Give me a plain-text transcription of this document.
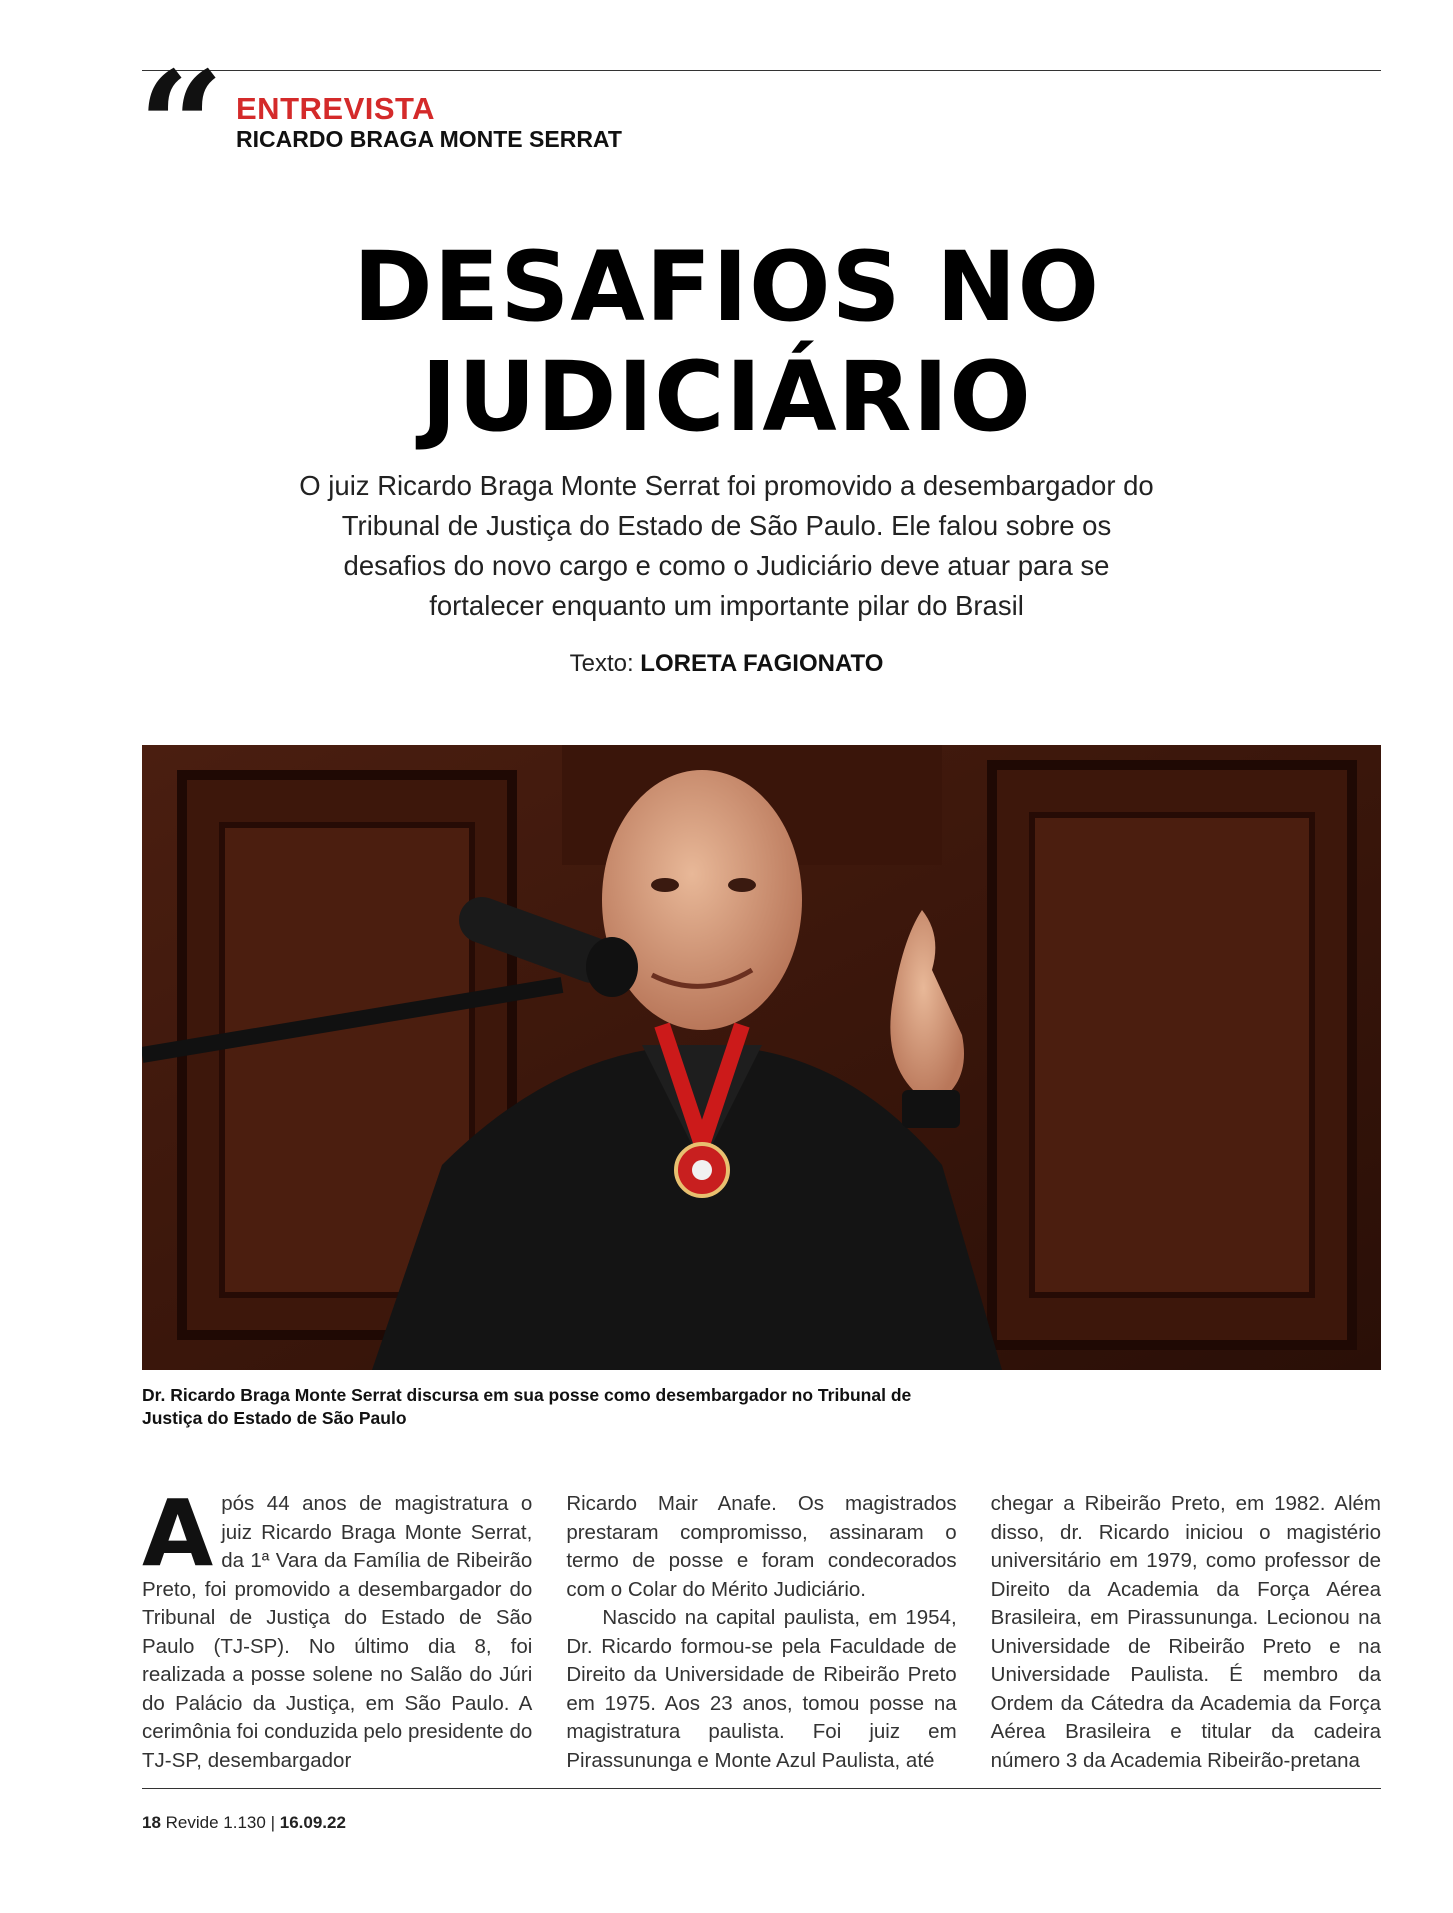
“ ENTREVISTA
RICARDO BRAGA MONTE SERRAT
DESAFIOS NO
JUDICIÁRIO
O juiz Ricardo Braga Monte Serrat foi promovido a desembargador do Tribunal de Justiça do Estado de São Paulo. Ele falou sobre os desafios do novo cargo e como o Judiciário deve atuar para se fortalecer enquanto um importante pilar do Brasil
Texto: LORETA FAGIONATO
Dr. Ricardo Braga Monte Serrat discursa em sua posse como desembargador no Tribunal de Justiça do Estado de São Paulo
A pós 44 anos de magistratura o juiz Ricardo Braga Monte Serrat, da 1ª Vara da Família de Ribeirão Preto, foi promovido a desembargador do Tribunal de Justiça do Estado de São Paulo (TJ-SP). No último dia 8, foi realizada a posse solene no Salão do Júri do Palácio da Justiça, em São Paulo. A cerimônia foi conduzida pelo presidente do TJ-SP, desembargador

Ricardo Mair Anafe. Os magistrados prestaram compromisso, assinaram o termo de posse e foram condecorados com o Colar do Mérito Judiciário.

Nascido na capital paulista, em 1954, Dr. Ricardo formou-se pela Faculdade de Direito da Universidade de Ribeirão Preto em 1975. Aos 23 anos, tomou posse na magistratura paulista. Foi juiz em Pirassununga e Monte Azul Paulista, até

chegar a Ribeirão Preto, em 1982. Além disso, dr. Ricardo iniciou o magistério universitário em 1979, como professor de Direito da Academia da Força Aérea Brasileira, em Pirassununga. Lecionou na Universidade de Ribeirão Preto e na Universidade Paulista. É membro da Ordem da Cátedra da Academia da Força Aérea Brasileira e titular da cadeira número 3 da Academia Ribeirão-pretana

18 Revide 1.130 | 16.09.22
